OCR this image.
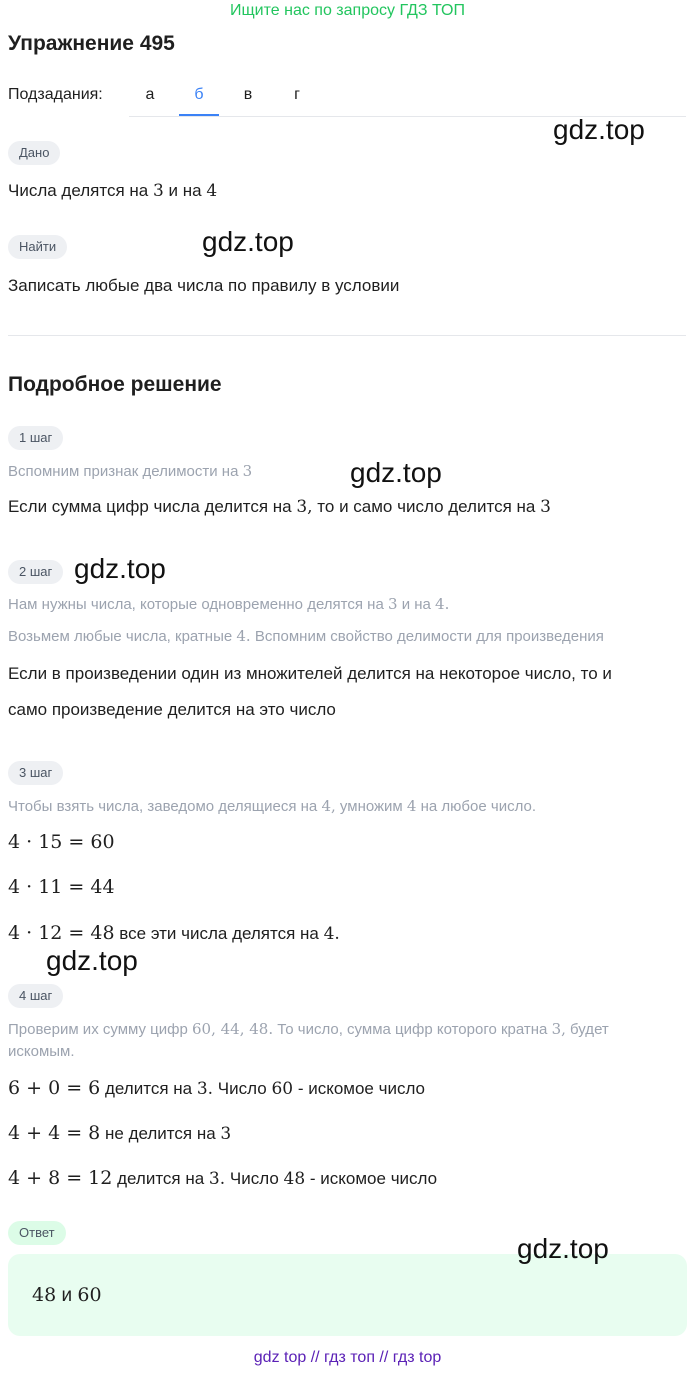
Ищите нас по запросу ГДЗ ТОП
Упражнение 495
Подзадания:	а	б	в	г
Дано
Числа делятся на 3 и на 4
Найти
Записать любые два числа по правилу в условии
Подробное решение
1 шаг
Вспомним признак делимости на 3
Если сумма цифр числа делится на 3, то и само число делится на 3
2 шаг
Нам нужны числа, которые одновременно делятся на 3 и на 4.
Возьмем любые числа, кратные 4. Вспомним свойство делимости для произведения
Если в произведении один из множителей делится на некоторое число, то и
само произведение делится на это число
3 шаг
Чтобы взять числа, заведомо делящиеся на 4, умножим 4 на любое число.
4 · 15 = 60
4 · 11 = 44
4 · 12 = 48 все эти числа делятся на 4.
4 шаг
Проверим их сумму цифр 60, 44, 48. То число, сумма цифр которого кратна 3, будет
искомым.
6 + 0 = 6 делится на 3. Число 60 - искомое число
4 + 4 = 8 не делится на 3
4 + 8 = 12 делится на 3. Число 48 - искомое число
Ответ
48 и 60
gdz.top
gdz.top
gdz.top
gdz.top
gdz.top
gdz.top
gdz top // гдз топ // гдз top
